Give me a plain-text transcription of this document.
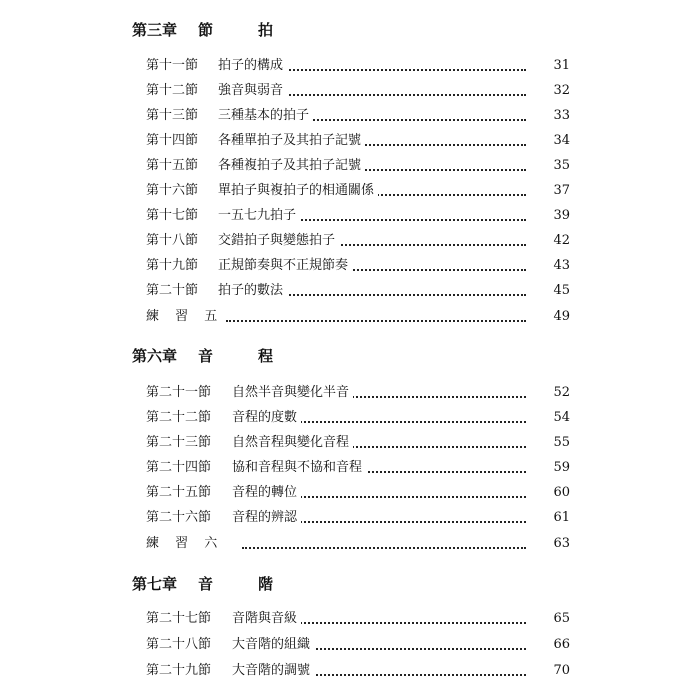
第三章 節	拍
第十一節 拍子的構成	31
第十二節 強音與弱音	32
第十三節 三種基本的拍子	33
第十四節 各種單拍子及其拍子記號	34
第十五節 各種複拍子及其拍子記號	35
第十六節 單拍子與複拍子的相通關係	37
第十七節 一五七九拍子	39
第十八節 交錯拍子與變態拍子	42
第十九節 正規節奏與不正規節奏	43
第二十節 拍子的數法	45
練 習 五	49
第六章 音	程
第二十一節 自然半音與變化半音	52
第二十二節 音程的度數	54
第二十三節 自然音程與變化音程	55
第二十四節 協和音程與不協和音程	59
第二十五節 音程的轉位	60
第二十六節 音程的辨認	61
練 習 六	63
第七章 音	階
第二十七節 音階與音級	65
第二十八節 大音階的組織	66
第二十九節 大音階的調號	70
